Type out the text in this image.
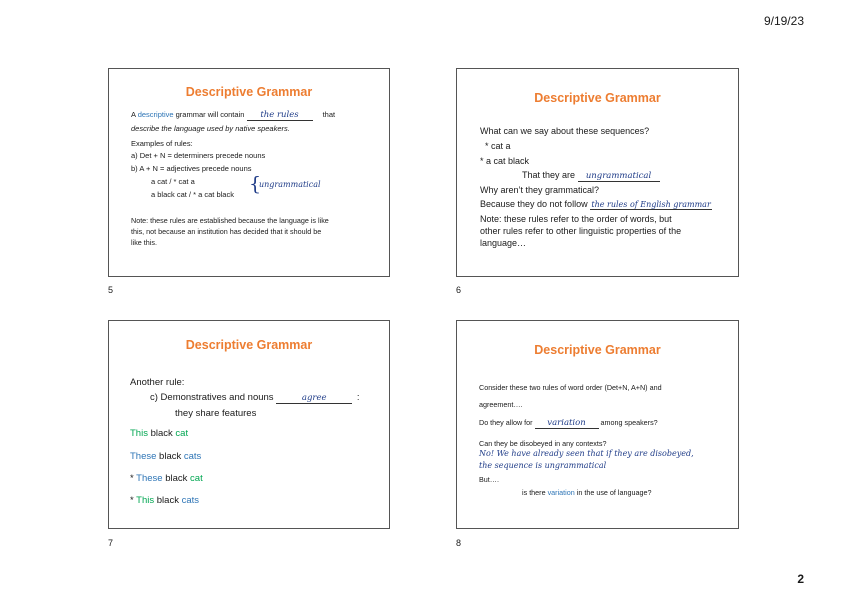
9/19/23
Descriptive Grammar
A descriptive grammar will contain the rules	that
describe the language used by native speakers.
Examples of rules:
a) Det + N = determiners precede nouns
b) A + N = adjectives precede nouns
a cat / * cat a
a black cat / * a cat black {
ungrammatical
Note: these rules are established because the language is like
this, not because an institution has decided that it should be
like this.
5
Descriptive Grammar
What can we say about these sequences?
* cat a
* a cat black
That they are ungrammatical
Why aren’t they grammatical?
Because they do not follow the rules of English grammar
Note: these rules refer to the order of words, but
other rules refer to other linguistic properties of the
language…
6
Descriptive Grammar
Another rule:
c) Demonstratives and nouns	agree	:
they share features
This black cat
These black cats
* These black cat
* This black cats
7
Descriptive Grammar
Consider these two rules of word order (Det+N, A+N) and
agreement….
Do they allow for variation among speakers?
Can they be disobeyed in any contexts?
No! We have already seen that if they are disobeyed,
the sequence is ungrammatical
But….
is there variation in the use of language?
8
2
